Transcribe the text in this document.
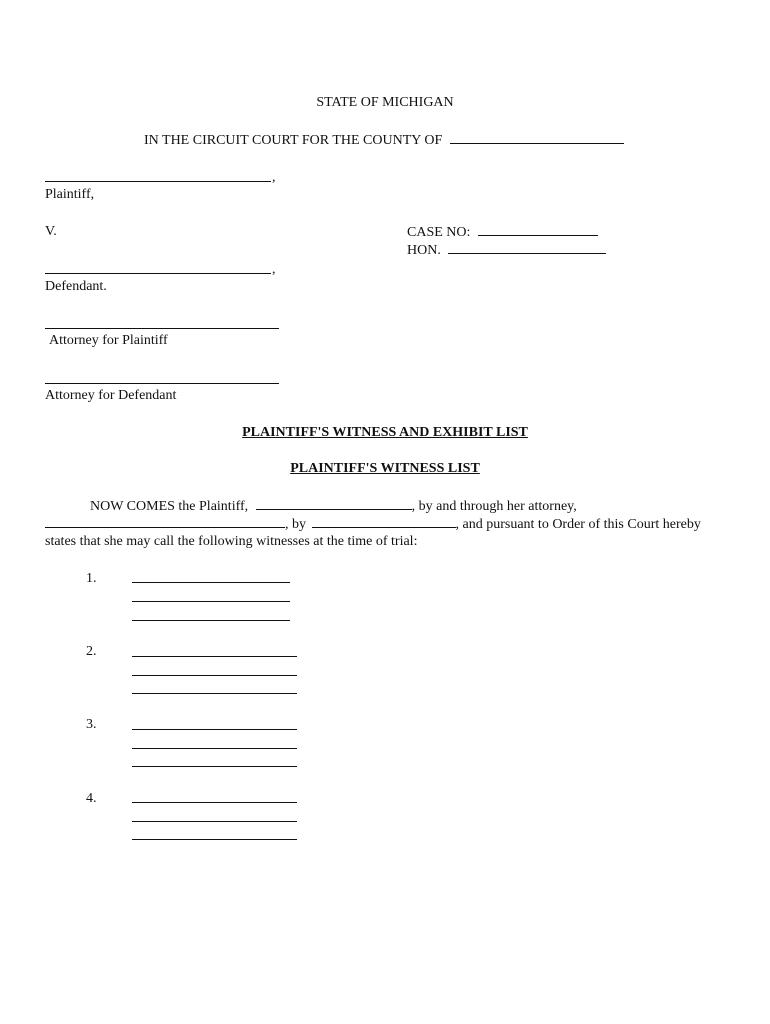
STATE OF MICHIGAN
IN THE CIRCUIT COURT FOR THE COUNTY OF
,
Plaintiff,
V.	CASE NO:
HON.
,
Defendant.
Attorney for Plaintiff
Attorney for Defendant
PLAINTIFF'S WITNESS AND EXHIBIT LIST
PLAINTIFF'S WITNESS LIST
NOW COMES the Plaintiff,	, by and through her attorney,
, by	, and pursuant to Order of this Court hereby
states that she may call the following witnesses at the time of trial:
1.
2.
3.
4.
